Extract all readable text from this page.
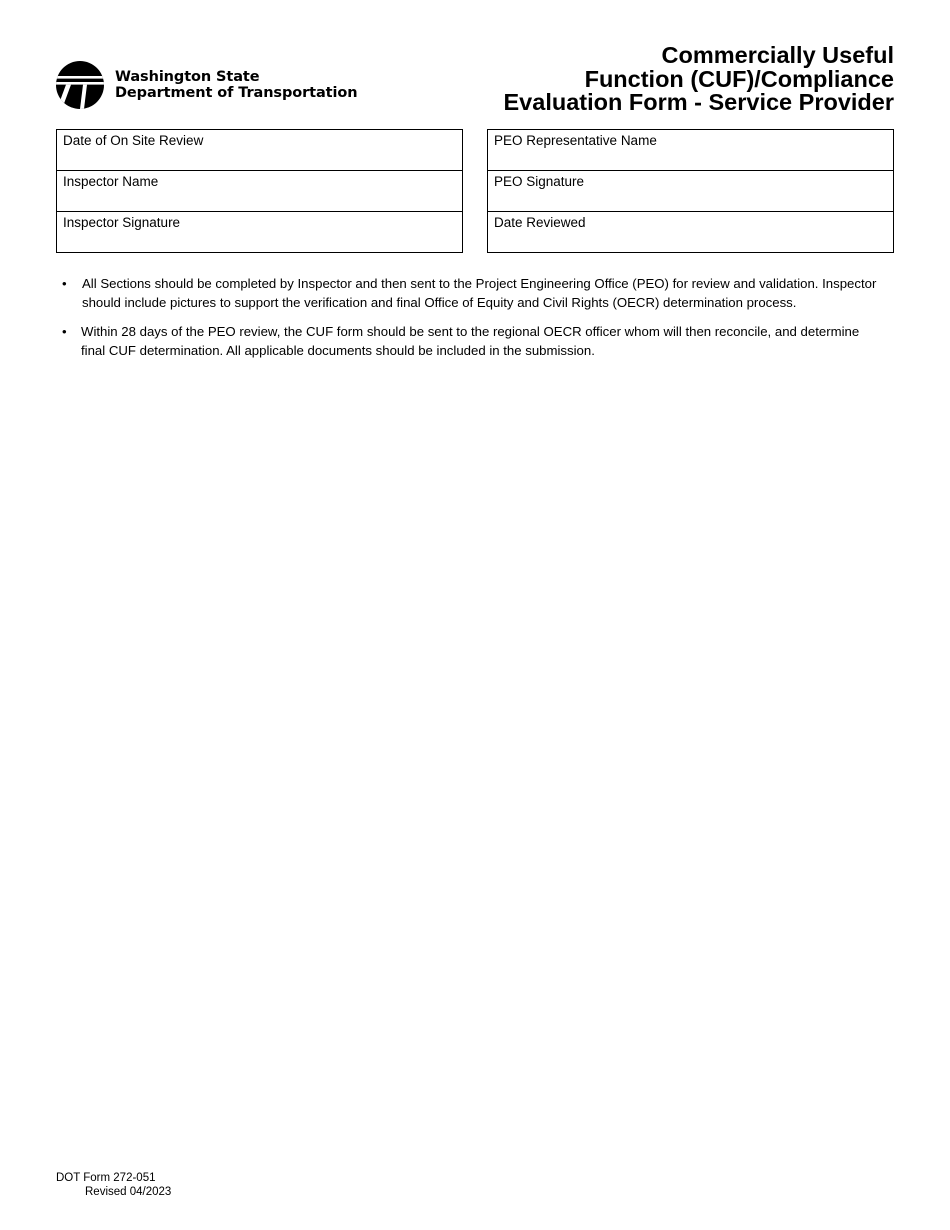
Washington State
Department of Transportation
Commercially Useful
Function (CUF)/Compliance
Evaluation Form - Service Provider
Date of On Site Review
Inspector Name
Inspector Signature
PEO Representative Name
PEO Signature
Date Reviewed
• All Sections should be completed by Inspector and then sent to the Project Engineering Office (PEO) for review and validation. Inspector should include pictures to support the verification and final Office of Equity and Civil Rights (OECR) determination process.
• Within 28 days of the PEO review, the CUF form should be sent to the regional OECR officer whom will then reconcile, and determine final CUF determination. All applicable documents should be included in the submission.
DOT Form 272-051
Revised 04/2023
